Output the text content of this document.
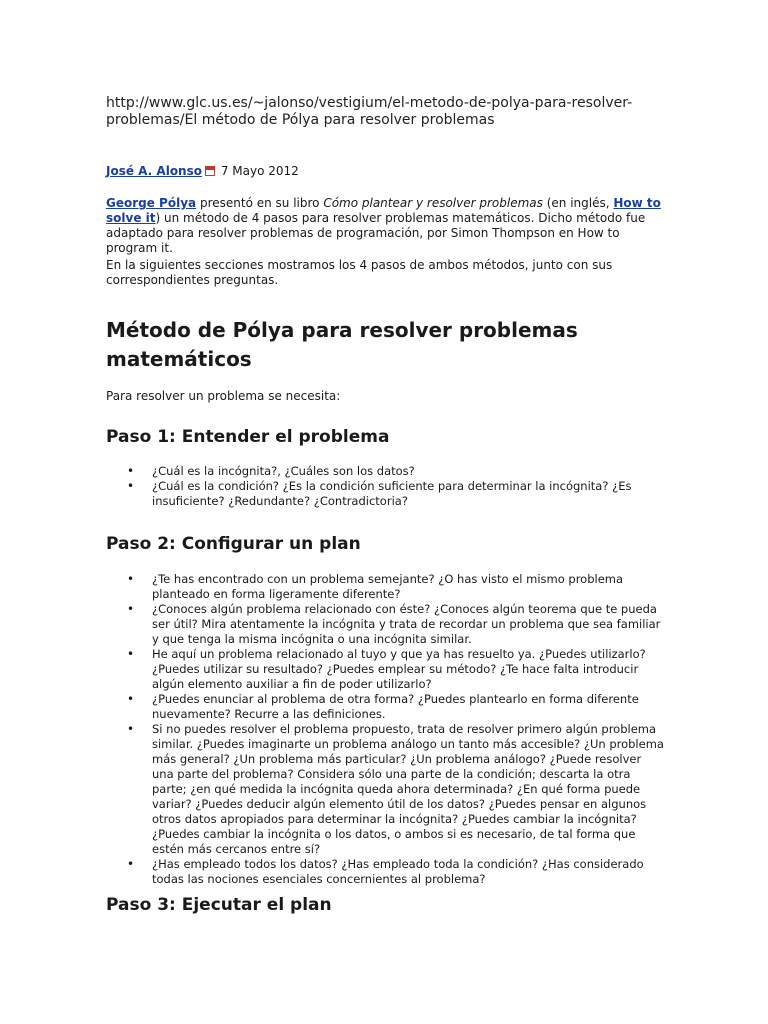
http://www.glc.us.es/~jalonso/vestigium/el-metodo-de-polya-para-resolver-problemas/El método de Pólya para resolver problemas
José A. Alonso 7 Mayo 2012
George Pólya presentó en su libro Cómo plantear y resolver problemas (en inglés, How to solve it) un método de 4 pasos para resolver problemas matemáticos. Dicho método fue adaptado para resolver problemas de programación, por Simon Thompson en How to program it.
En la siguientes secciones mostramos los 4 pasos de ambos métodos, junto con sus correspondientes preguntas.
Método de Pólya para resolver problemas matemáticos
Para resolver un problema se necesita:
Paso 1: Entender el problema
• ¿Cuál es la incógnita?, ¿Cuáles son los datos?
• ¿Cuál es la condición? ¿Es la condición suficiente para determinar la incógnita? ¿Es insuficiente? ¿Redundante? ¿Contradictoria?
Paso 2: Configurar un plan
• ¿Te has encontrado con un problema semejante? ¿O has visto el mismo problema planteado en forma ligeramente diferente?
• ¿Conoces algún problema relacionado con éste? ¿Conoces algún teorema que te pueda ser útil? Mira atentamente la incógnita y trata de recordar un problema que sea familiar y que tenga la misma incógnita o una incógnita similar.
• He aquí un problema relacionado al tuyo y que ya has resuelto ya. ¿Puedes utilizarlo? ¿Puedes utilizar su resultado? ¿Puedes emplear su método? ¿Te hace falta introducir algún elemento auxiliar a fin de poder utilizarlo?
• ¿Puedes enunciar al problema de otra forma? ¿Puedes plantearlo en forma diferente nuevamente? Recurre a las definiciones.
• Si no puedes resolver el problema propuesto, trata de resolver primero algún problema similar. ¿Puedes imaginarte un problema análogo un tanto más accesible? ¿Un problema más general? ¿Un problema más particular? ¿Un problema análogo? ¿Puede resolver una parte del problema? Considera sólo una parte de la condición; descarta la otra parte; ¿en qué medida la incógnita queda ahora determinada? ¿En qué forma puede variar? ¿Puedes deducir algún elemento útil de los datos? ¿Puedes pensar en algunos otros datos apropiados para determinar la incógnita? ¿Puedes cambiar la incógnita? ¿Puedes cambiar la incógnita o los datos, o ambos si es necesario, de tal forma que estén más cercanos entre sí?
• ¿Has empleado todos los datos? ¿Has empleado toda la condición? ¿Has considerado todas las nociones esenciales concernientes al problema?
Paso 3: Ejecutar el plan
